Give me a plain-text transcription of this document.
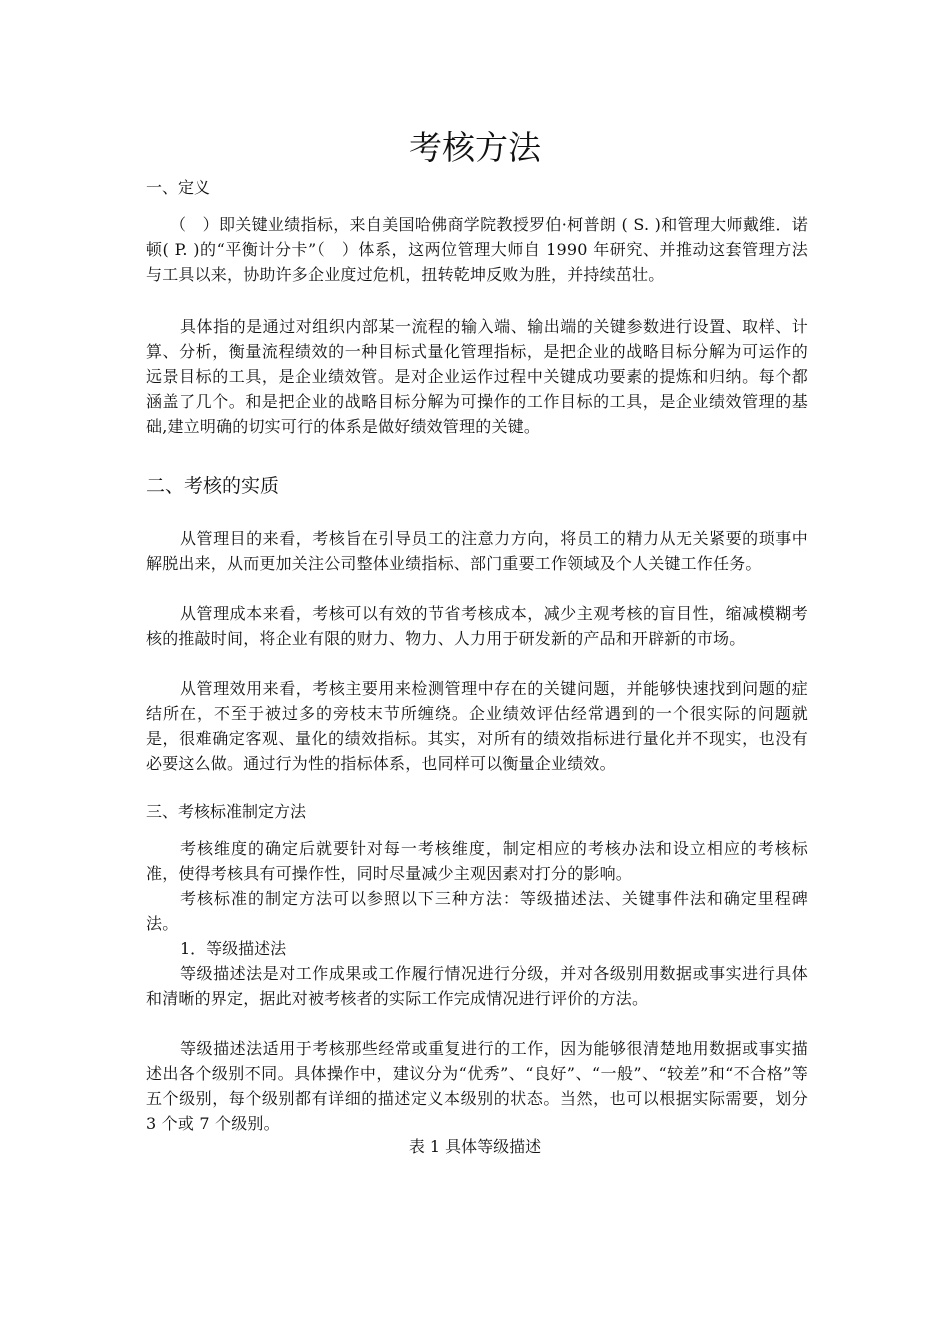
考核方法
一、定义

（　）即关键业绩指标，来自美国哈佛商学院教授罗伯·柯普朗 ( S. )和管理大师戴维．诺顿( P. )的“平衡计分卡”（　）体系，这两位管理大师自 1990 年研究、并推动这套管理方法与工具以来，协助许多企业度过危机，扭转乾坤反败为胜，并持续茁壮。

具体指的是通过对组织内部某一流程的输入端、输出端的关键参数进行设置、取样、计算、分析，衡量流程绩效的一种目标式量化管理指标，是把企业的战略目标分解为可运作的远景目标的工具，是企业绩效管。是对企业运作过程中关键成功要素的提炼和归纳。每个都涵盖了几个。和是把企业的战略目标分解为可操作的工作目标的工具，是企业绩效管理的基础,建立明确的切实可行的体系是做好绩效管理的关键。

二、考核的实质

从管理目的来看，考核旨在引导员工的注意力方向，将员工的精力从无关紧要的琐事中解脱出来，从而更加关注公司整体业绩指标、部门重要工作领域及个人关键工作任务。

从管理成本来看，考核可以有效的节省考核成本，减少主观考核的盲目性，缩减模糊考核的推敲时间，将企业有限的财力、物力、人力用于研发新的产品和开辟新的市场。

从管理效用来看，考核主要用来检测管理中存在的关键问题，并能够快速找到问题的症结所在，不至于被过多的旁枝末节所缠绕。企业绩效评估经常遇到的一个很实际的问题就是，很难确定客观、量化的绩效指标。其实，对所有的绩效指标进行量化并不现实，也没有必要这么做。通过行为性的指标体系，也同样可以衡量企业绩效。

三、考核标准制定方法

考核维度的确定后就要针对每一考核维度，制定相应的考核办法和设立相应的考核标准，使得考核具有可操作性，同时尽量减少主观因素对打分的影响。

考核标准的制定方法可以参照以下三种方法：等级描述法、关键事件法和确定里程碑法。

1．等级描述法

等级描述法是对工作成果或工作履行情况进行分级，并对各级别用数据或事实进行具体和清晰的界定，据此对被考核者的实际工作完成情况进行评价的方法。

等级描述法适用于考核那些经常或重复进行的工作，因为能够很清楚地用数据或事实描述出各个级别不同。具体操作中，建议分为“优秀”、“良好”、“一般”、“较差”和“不合格”等五个级别，每个级别都有详细的描述定义本级别的状态。当然，也可以根据实际需要，划分 3 个或 7 个级别。

表 1 具体等级描述
